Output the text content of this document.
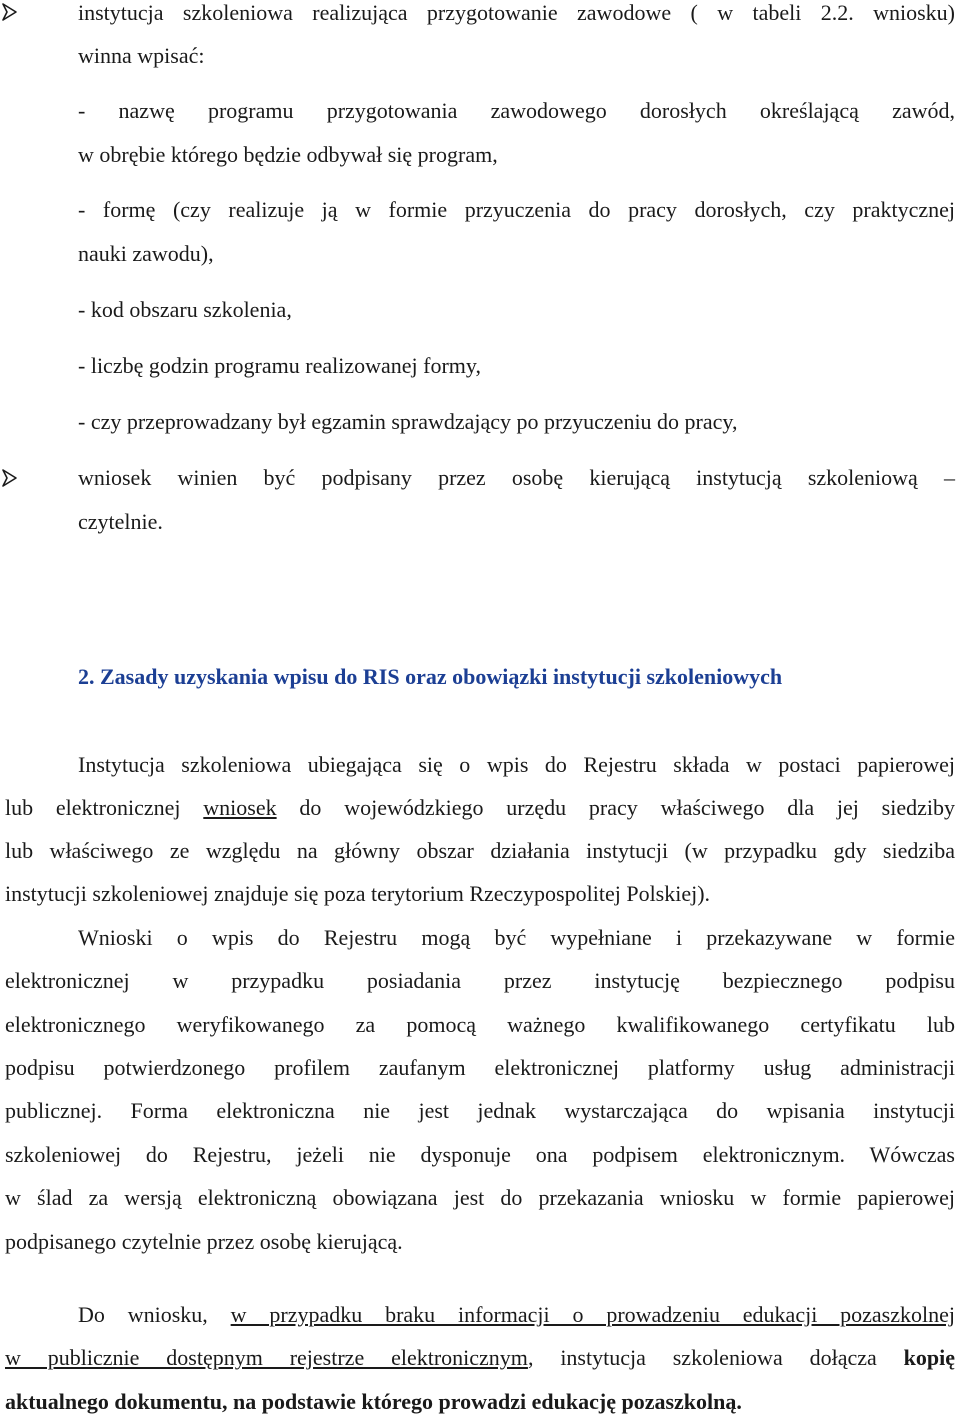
instytucja szkoleniowa realizująca przygotowanie zawodowe ( w tabeli 2.2. wniosku)
winna wpisać:
- nazwę programu przygotowania zawodowego dorosłych określającą zawód,
w obrębie którego będzie odbywał się program,
- formę (czy realizuje ją w formie przyuczenia do pracy dorosłych, czy praktycznej
nauki zawodu),
- kod obszaru szkolenia,
- liczbę godzin programu realizowanej formy,
- czy przeprowadzany był egzamin sprawdzający po przyuczeniu do pracy,
wniosek winien być podpisany przez osobę kierującą instytucją szkoleniową –
czytelnie.
2. Zasady uzyskania wpisu do RIS oraz obowiązki instytucji szkoleniowych
Instytucja szkoleniowa ubiegająca się o wpis do Rejestru składa w postaci papierowej
lub elektronicznej wniosek do wojewódzkiego urzędu pracy właściwego dla jej siedziby
lub właściwego ze względu na główny obszar działania instytucji (w przypadku gdy siedziba
instytucji szkoleniowej znajduje się poza terytorium Rzeczypospolitej Polskiej).
Wnioski o wpis do Rejestru mogą być wypełniane i przekazywane w formie
elektronicznej w przypadku posiadania przez instytucję bezpiecznego podpisu
elektronicznego weryfikowanego za pomocą ważnego kwalifikowanego certyfikatu lub
podpisu potwierdzonego profilem zaufanym elektronicznej platformy usług administracji
publicznej. Forma elektroniczna nie jest jednak wystarczająca do wpisania instytucji
szkoleniowej do Rejestru, jeżeli nie dysponuje ona podpisem elektronicznym. Wówczas
w ślad za wersją elektroniczną obowiązana jest do przekazania wniosku w formie papierowej
podpisanego czytelnie przez osobę kierującą.
Do wniosku, w przypadku braku informacji o prowadzeniu edukacji pozaszkolnej
w publicznie dostępnym rejestrze elektronicznym, instytucja szkoleniowa dołącza kopię
aktualnego dokumentu, na podstawie którego prowadzi edukację pozaszkolną.
